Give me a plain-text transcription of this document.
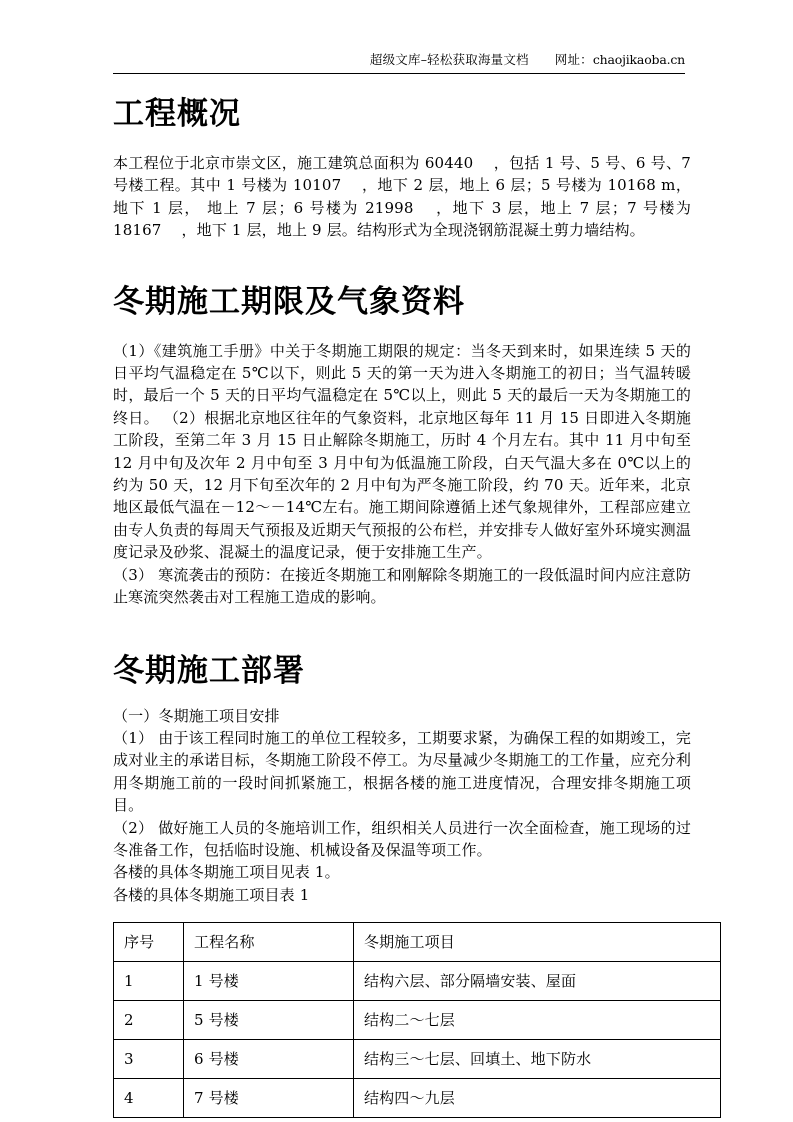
超级文库–轻松获取海量文档 网址：chaojikaoba.cn
工程概况

本工程位于北京市崇文区，施工建筑总面积为 60440 　，包括 1 号、5 号、6 号、7 号楼工程。其中 1 号楼为 10107 　，地下 2 层，地上 6 层；5 号楼为 10168 m， 地下 1 层， 地上 7 层；6 号楼为 21998 　，地下 3 层，地上 7 层；7 号楼为 18167 　，地下 1 层，地上 9 层。结构形式为全现浇钢筋混凝土剪力墙结构。

冬期施工期限及气象资料

（1）《建筑施工手册》中关于冬期施工期限的规定：当冬天到来时，如果连续 5 天的日平均气温稳定在 5℃以下，则此 5 天的第一天为进入冬期施工的初日；当气温转暖时，最后一个 5 天的日平均气温稳定在 5℃以上，则此 5 天的最后一天为冬期施工的终日。 （2）根据北京地区往年的气象资料，北京地区每年 11 月 15 日即进入冬期施工阶段，至第二年 3 月 15 日止解除冬期施工，历时 4 个月左右。其中 11 月中旬至 12 月中旬及次年 2 月中旬至 3 月中旬为低温施工阶段，白天气温大多在 0℃以上的约为 50 天，12 月下旬至次年的 2 月中旬为严冬施工阶段，约 70 天。近年来，北京地区最低气温在－12～－14℃左右。施工期间除遵循上述气象规律外，工程部应建立由专人负责的每周天气预报及近期天气预报的公布栏，并安排专人做好室外环境实测温度记录及砂浆、混凝土的温度记录，便于安排施工生产。

（3） 寒流袭击的预防：在接近冬期施工和刚解除冬期施工的一段低温时间内应注意防止寒流突然袭击对工程施工造成的影响。

冬期施工部署

（一）冬期施工项目安排

（1） 由于该工程同时施工的单位工程较多，工期要求紧，为确保工程的如期竣工，完成对业主的承诺目标，冬期施工阶段不停工。为尽量减少冬期施工的工作量，应充分利用冬期施工前的一段时间抓紧施工，根据各楼的施工进度情况，合理安排冬期施工项目。

（2） 做好施工人员的冬施培训工作，组织相关人员进行一次全面检查，施工现场的过冬准备工作，包括临时设施、机械设备及保温等项工作。

各楼的具体冬期施工项目见表 1。

各楼的具体冬期施工项目表 1

序号	工程名称	冬期施工项目
1	1 号楼	结构六层、部分隔墙安装、屋面
2	5 号楼	结构二～七层
3	6 号楼	结构三～七层、回填土、地下防水
4	7 号楼	结构四～九层
